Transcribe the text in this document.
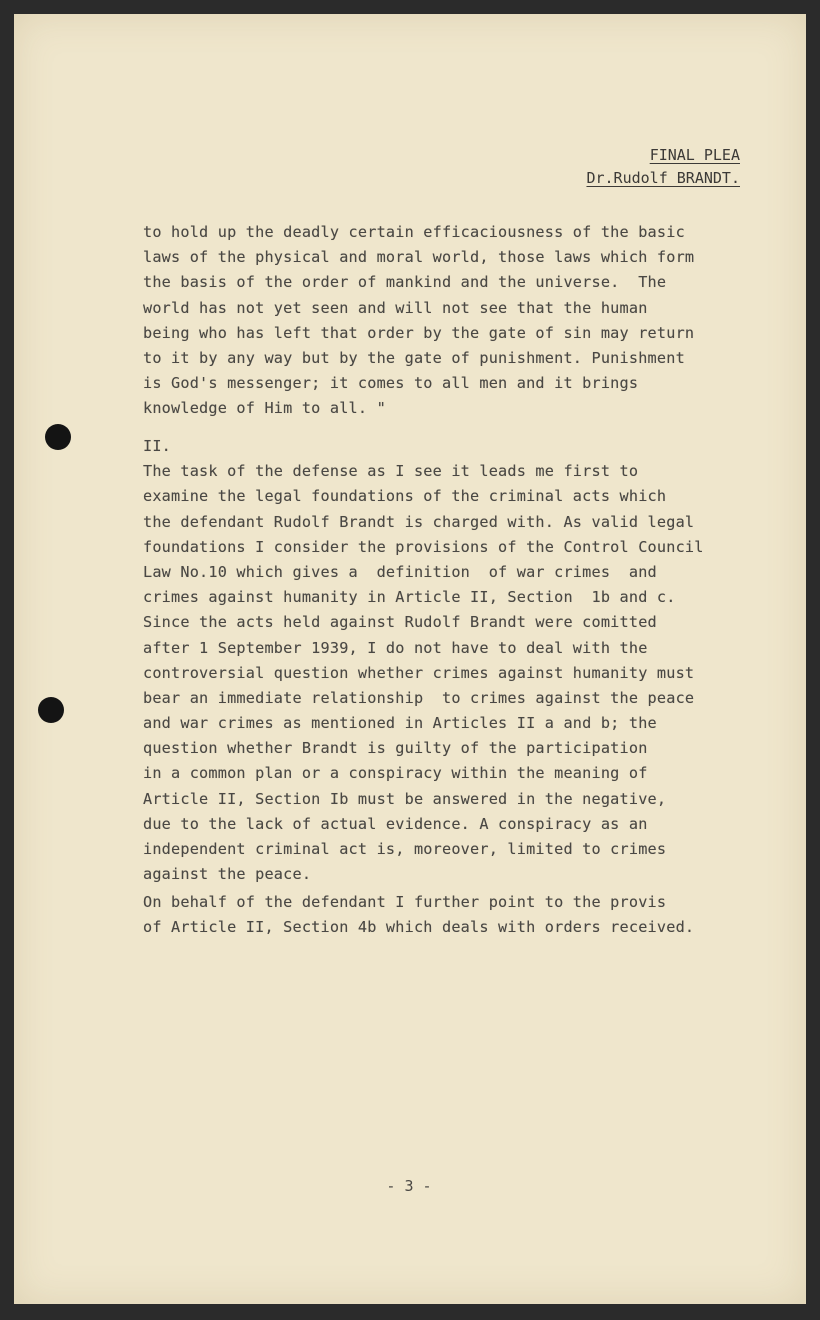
FINAL PLEA
Dr.Rudolf BRANDT.
to hold up the deadly certain efficaciousness of the basic
laws of the physical and moral world, those laws which form
the basis of the order of mankind and the universe.  The
world has not yet seen and will not see that the human
being who has left that order by the gate of sin may return
to it by any way but by the gate of punishment. Punishment
is God's messenger; it comes to all men and it brings
knowledge of Him to all. "
II.
The task of the defense as I see it leads me first to
examine the legal foundations of the criminal acts which
the defendant Rudolf Brandt is charged with. As valid legal
foundations I consider the provisions of the Control Council
Law No.10 which gives a  definition  of war crimes  and
crimes against humanity in Article II, Section  1b and c.
Since the acts held against Rudolf Brandt were comitted
after 1 September 1939, I do not have to deal with the
controversial question whether crimes against humanity must
bear an immediate relationship  to crimes against the peace
and war crimes as mentioned in Articles II a and b; the
question whether Brandt is guilty of the participation
in a common plan or a conspiracy within the meaning of
Article II, Section Ib must be answered in the negative,
due to the lack of actual evidence. A conspiracy as an
independent criminal act is, moreover, limited to crimes
against the peace.
On behalf of the defendant I further point to the provis
of Article II, Section 4b which deals with orders received.
- 3 -
